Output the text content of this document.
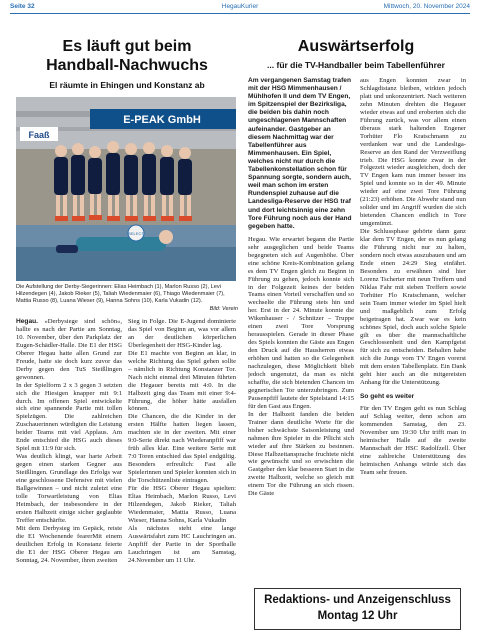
Seite 32	HegauKurier	Mittwoch, 20. November 2024
Es läuft gut beim
Handball-Nachwuchs
El räumte in Ehingen und Konstanz ab
E-PEAK GmbH
Faaß
SELECT
Die Aufstellung der Derby-Siegerinnen: Elias Heimbach (1), Marlon Russo (2), Levi Hilzendegen (4), Jakob Rieker (5), Taliah Wiedenmaier (6), Thiago Wiedenmaier (7), Mattia Russo (8), Luana Wieser (9), Hanna Sohns (10), Karla Vukadin (12).
Bild: Verein

Hegau. »Derbysiege sind schön«, hallte es nach der Partie am Sonntag, 10. November, über den Parkplatz der Eugen-Schädler-Halle. Die E1 der HSG Oberer Hegau hatte allen Grund zur Freude, hatte sie doch kurz zuvor das Derby gegen den TuS Steißlingen gewonnen.

In der Spielform 2 x 3 gegen 3 setzten sich die Hiesigen knapper mit 9:1 durch. Im offenen Spiel entwickelte sich eine spannende Partie mit tollen Spielzügen. Die zahlreichen Zuschauerinnen würdigten die Leistung beider Teams mit viel Applaus. Am Ende entschied die HSG auch dieses Spiel mit 11:9 für sich.

Was deutlich klingt, war harte Arbeit gegen einen starken Gegner aus Steißlingen. Grundlage des Erfolgs war eine geschlossene Defensive mit vielen Ballgewinnen – und nicht zuletzt eine tolle Torwartleistung von Elias Heimbach, der insbesondere in der ersten Halbzeit einige sicher geglaubte Treffer entschärfte.

Mit dem Derbysieg im Gepäck, reiste die E1 Wochenende fearerMit einem deutlichen Erfolg in Konstanz feierte die E1 der HSG Oberer Hegau am Sonntag, 24. November, ihren zweiten

Sieg in Folge. Die E-Jugend dominierte das Spiel von Beginn an, was vor allem an der deutlichen körperlichen Überlegenheit der HSG-Kinder lag.

Die E1 machte von Beginn an klar, in welche Richtung das Spiel gehen sollte – nämlich in Richtung Konstanzer Tor. Nach nicht einmal drei Minuten führten die Hegauer bereits mit 4:0. In die Halbzeit ging das Team mit einer 9:4-Führung, die höher hätte ausfallen können.

Die Chancen, die die Kinder in der ersten Hälfte hatten liegen lassen, machten sie in der zweiten. Mit einer 9:0-Serie direkt nach Wiederanpfiff war früh alles klar. Eine weitere Serie mit 7:0 Toren entschied das Spiel endgültig. Besonders erfreulich: Fast alle Spielerinnen und Spieler konnten sich in die Torschützenliste eintragen.

Für die HSG Oberer Hegau spielten: Elias Heimbach, Marlon Russo, Levi Hilzendegen, Jakob Rieker, Taliah Wiedenmaier, Mattia Russo, Luana Wieser, Hanna Sohns, Karla Vukadin

Als nächstes steht eine lange Auswärtsfahrt zum HC Lauchringen an. Anpfiff der Partie in der Sporthalle Lauchringen ist am Samstag, 24.November um 11 Uhr.

Auswärtserfolg
... für die TV-Handballer beim Tabellenführer

Am vergangenen Samstag trafen mit der HSG Mimmenhausen / Mühlhofen II und dem TV Engen, im Spitzenspiel der Bezirksliga, die beiden bis dahin noch ungeschlagenen Mannschaften aufeinander. Gastgeber an diesem Nachmittag war der Tabellenführer aus Mimmenhausen. Ein Spiel, welches nicht nur durch die Tabellenkonstellation schon für Spannung sorgte, sondern auch, weil man schon im ersten Rundenspiel zuhause auf die Landesliga-Reserve der HSG traf und dort leichtsinnig eine zehn Tore Führung noch aus der Hand gegeben hatte.

Hegau. Wie erwartet begann die Partie sehr ausgeglichen und beide Teams begegneten sich auf Augenhöhe. Über eine schöne Kreis-Kombination gelang es dem TV Engen gleich zu Beginn in Führung zu gehen, jedoch konnte sich in der Folgezeit keines der beiden Teams einen Vorteil verschaffen und so wechselte die Führung stets hin und her. Erst in der 24. Minute konnte die Wikenhauser - / Schnitzer – Truppe einen zwei Tore Vorsprung herausspielen. Gerade in dieser Phase des Spiels konnten die Gäste aus Engen den Druck auf die Hausherren etwas erhöhen und hatten so die Gelegenheit nachzulegen, diese Möglichkeit blieb jedoch ungenutzt, da man es nicht schaffte, die sich bietenden Chancen im gegnerischen Tor unterzubringen. Zum Pausenpfiff lautete der Spielstand 14:15 für den Gast aus Engen.

In der Halbzeit fanden die beiden Trainer dann deutliche Worte für die bisher schwächste Saisonleistung und nahmen ihre Spieler in die Pflicht sich wieder auf ihre Stärken zu besinnen. Diese Halbzeitansprache fruchtete nicht wie gewünscht und so erwischten die Gastgeber den klar besseren Start in die zweite Halbzeit, welche so gleich mit einem Tor die Führung an sich rissen. Die Gäste

aus Engen konnten zwar in Schlagdistanz bleiben, wirkten jedoch platt und unkonzentriert. Nach weiteren zehn Minuten drehten die Hegauer wieder etwas auf und eroberten sich die Führung zurück, was vor allem einen überaus stark haltenden Engener Torhüter Flo Kratschmann zu verdanken war und die Landesliga-Reserve an den Rand der Verzweiflung trieb. Die HSG konnte zwar in der Folgezeit wieder ausgleichen, doch der TV Engen kam nun immer besser ins Spiel und konnte so in der 49. Minute wieder auf eine zwei Tore Führung (21:23) erhöhen. Die Abwehr stand nun solider und im Angriff wurden die sich bietenden Chancen endlich in Tore umgemünzt.

Die Schlussphase gehörte dann ganz klar dem TV Engen, der es nun gelang die Führung nicht nur zu halten, sondern noch etwas auszubauen und am Ende einen 24:29 Sieg einfährt. Besonders zu erwähnen sind hier Lorenz Tscherter mit neun Treffern und Niklas Fahr mit sieben Treffern sowie Torhüter Flo Kratschmann, welcher sein Team immer wieder im Spiel hielt und maßgeblich zum Erfolg beigetragen hat. Zwar war es kein schönes Spiel, doch auch solche Spiele gilt es über die mannschaftliche Geschlossenheit und den Kampfgeist für sich zu entscheiden. Behalten habe sich die Jungs vom TV Engen vorerst mit dem ersten Tabellenplatz. Ein Dank geht hier auch an die mitgereisten Anhang für die Unterstützung.

So geht es weiter

Für den TV Engen geht es nun Schlag auf Schlag weiter, denn schon am kommenden Samstag, den 23. November um 19:30 Uhr trifft man in heimischer Halle auf die zweite Mannschaft der HSC Radolfzell. Über eine zahlreiche Unterstützung des heimischen Anhangs würde sich das Team sehr freuen.

Redaktions- und Anzeigenschluss
Montag 12 Uhr
